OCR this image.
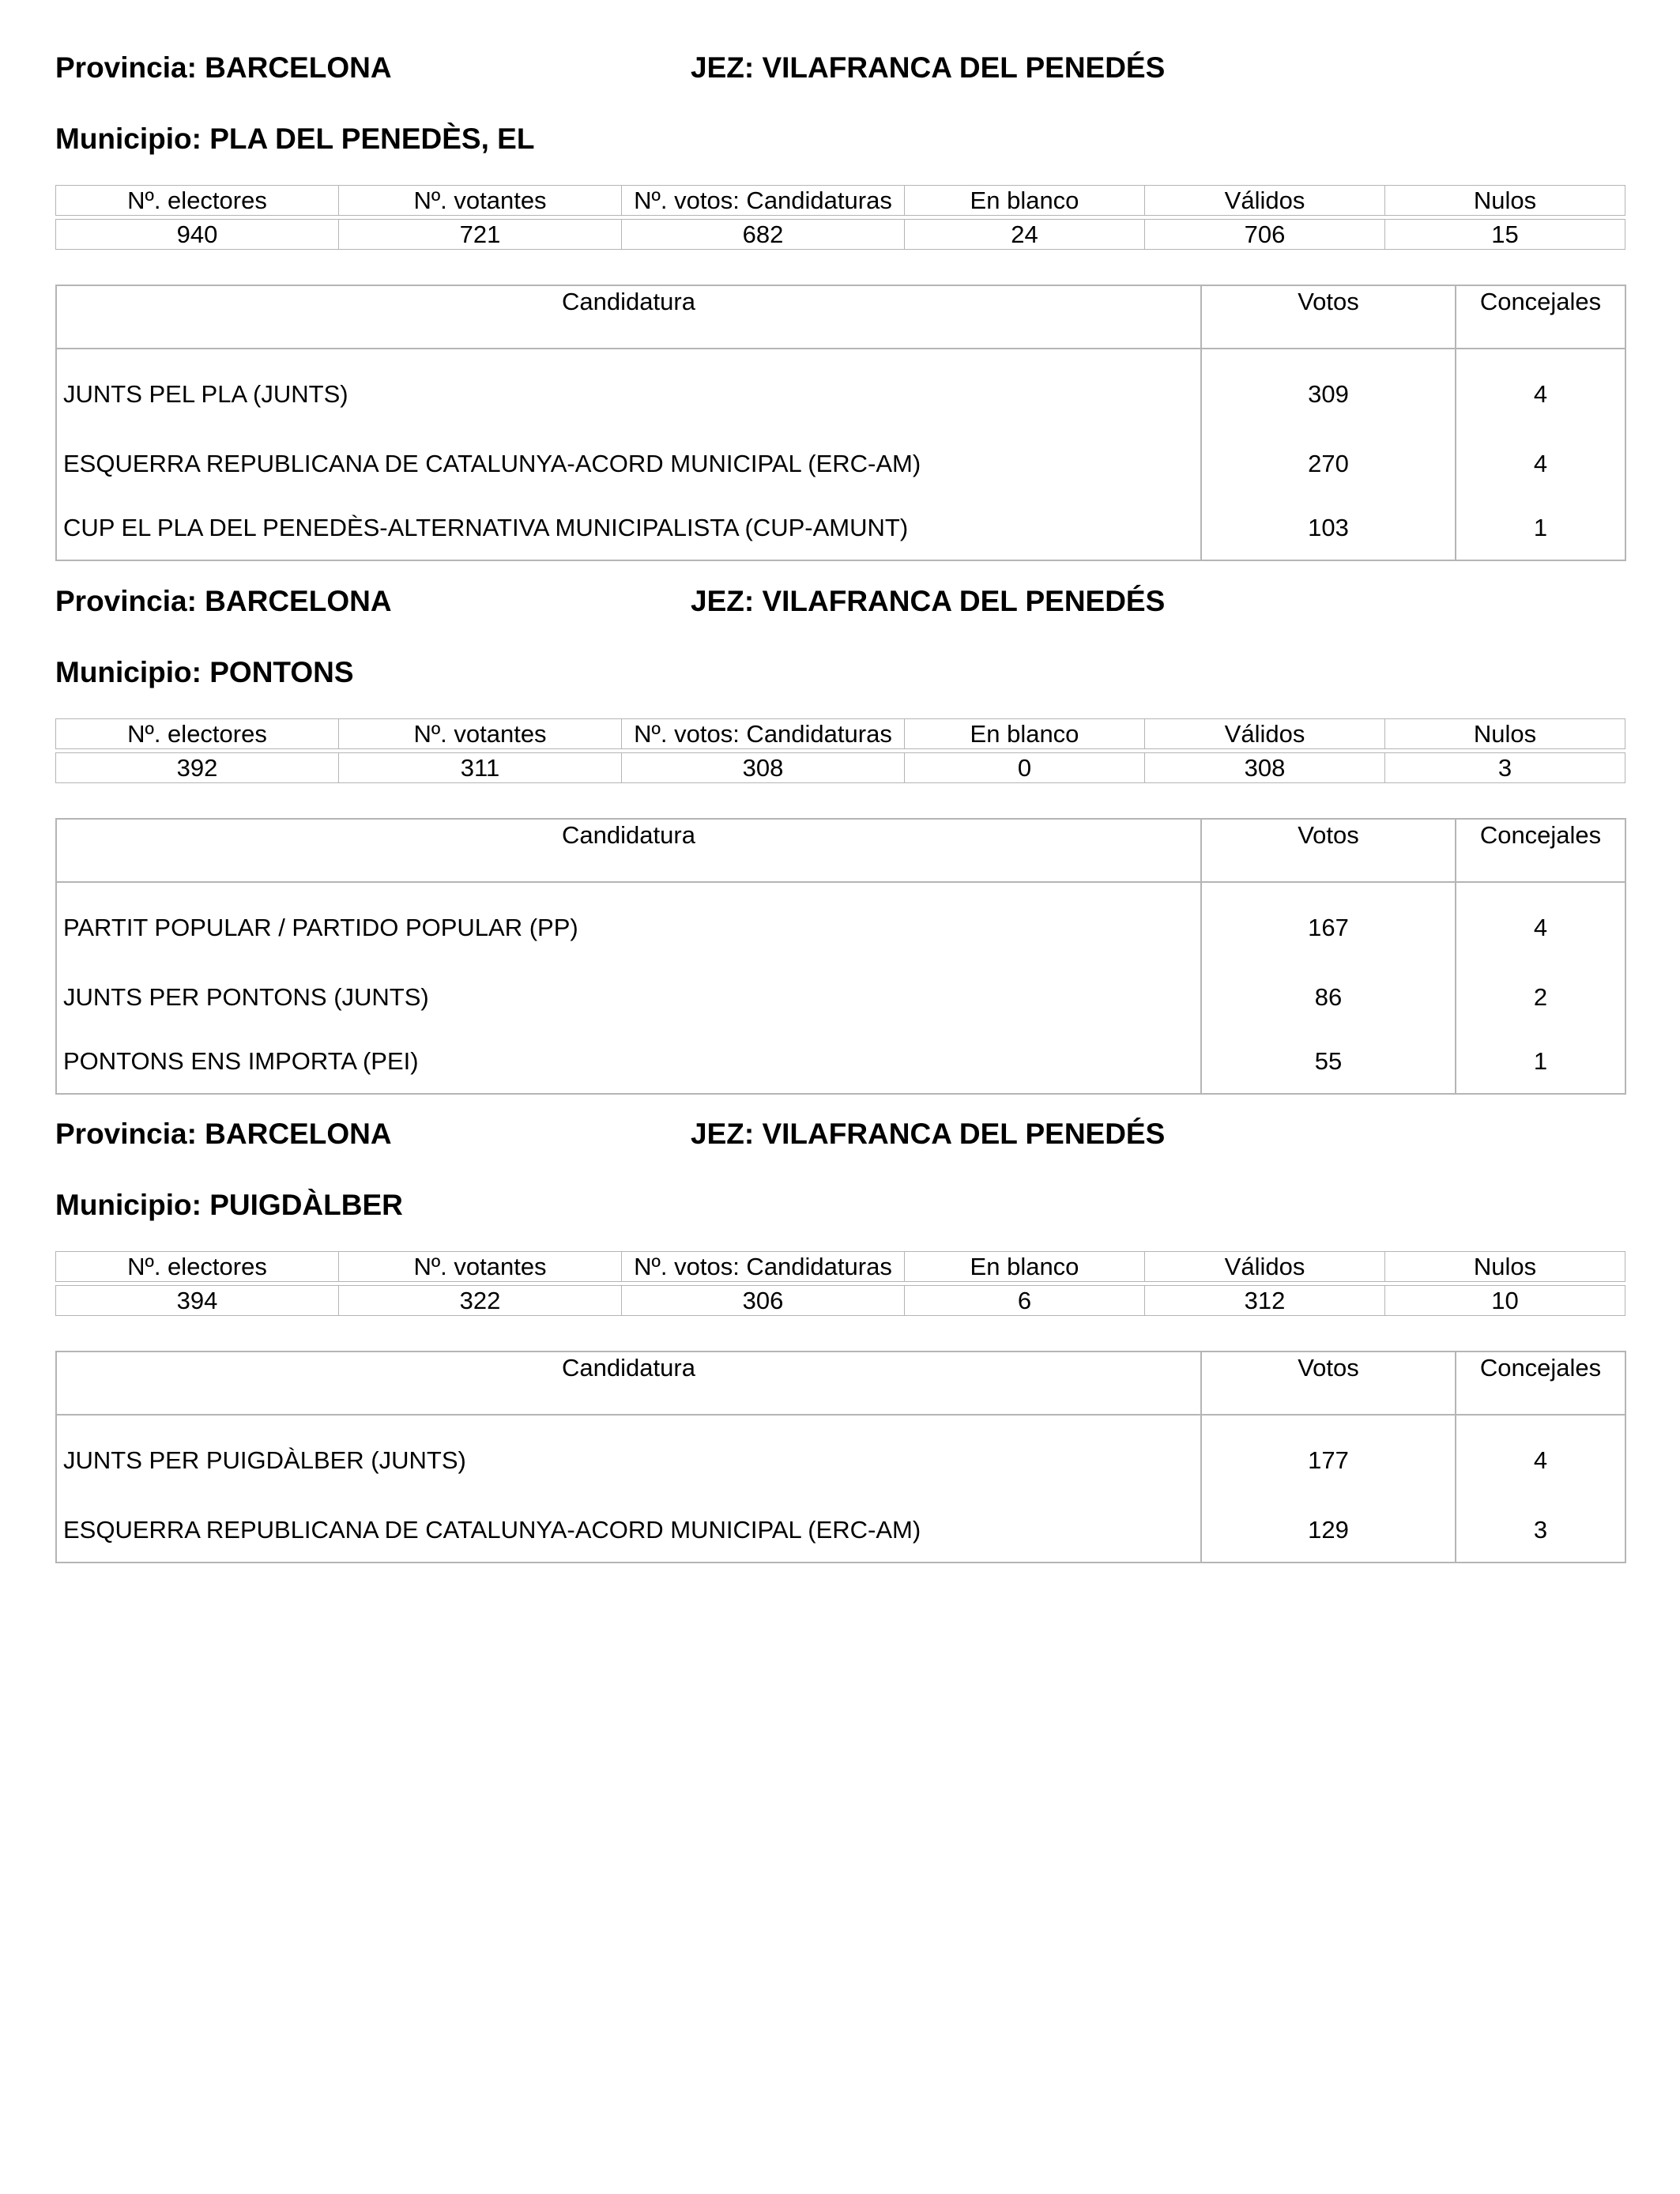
Provincia: BARCELONA	JEZ: VILAFRANCA DEL PENEDÉS
Municipio: PLA DEL PENEDÈS, EL
Nº. electores	Nº. votantes	Nº. votos: Candidaturas	En blanco	Válidos	Nulos

940	721	682	24	706	15
Candidatura	Votos	Concejales
JUNTS PEL PLA (JUNTS)	309	4
ESQUERRA REPUBLICANA DE CATALUNYA-ACORD MUNICIPAL (ERC-AM)	270	4
CUP EL PLA DEL PENEDÈS-ALTERNATIVA MUNICIPALISTA (CUP-AMUNT)	103	1
Provincia: BARCELONA	JEZ: VILAFRANCA DEL PENEDÉS
Municipio: PONTONS
Nº. electores	Nº. votantes	Nº. votos: Candidaturas	En blanco	Válidos	Nulos

392	311	308	0	308	3
Candidatura	Votos	Concejales
PARTIT POPULAR / PARTIDO POPULAR (PP)	167	4
JUNTS PER PONTONS (JUNTS)	86	2
PONTONS ENS IMPORTA (PEI)	55	1
Provincia: BARCELONA	JEZ: VILAFRANCA DEL PENEDÉS
Municipio: PUIGDÀLBER
Nº. electores	Nº. votantes	Nº. votos: Candidaturas	En blanco	Válidos	Nulos

394	322	306	6	312	10
Candidatura	Votos	Concejales
JUNTS PER PUIGDÀLBER (JUNTS)	177	4
ESQUERRA REPUBLICANA DE CATALUNYA-ACORD MUNICIPAL (ERC-AM)	129	3
